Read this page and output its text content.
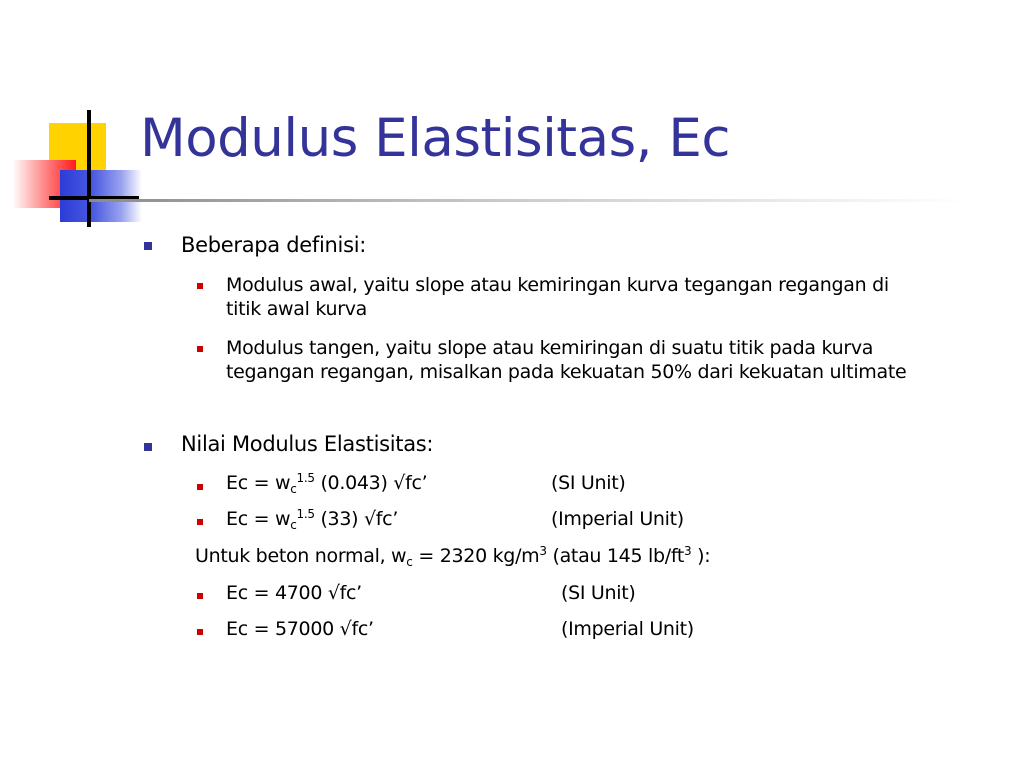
Modulus Elastisitas, Ec
Beberapa definisi:
Modulus awal, yaitu slope atau kemiringan kurva tegangan regangan di titik awal kurva
Modulus tangen, yaitu slope atau kemiringan di suatu titik pada kurva tegangan regangan, misalkan pada kekuatan 50% dari kekuatan ultimate
Nilai Modulus Elastisitas:
$Ec = w_c^{1.5}$ (0.043) √fc’	(SI Unit)
$Ec = w_c^{1.5}$ (33) √fc’	(Imperial Unit)
Untuk beton normal, $w_c = 2320$ $kg/m^3$ (atau 145 $lb/ft^3$ ):
Ec = 4700 √fc’	(SI Unit)
Ec = 57000 √fc’	(Imperial Unit)
